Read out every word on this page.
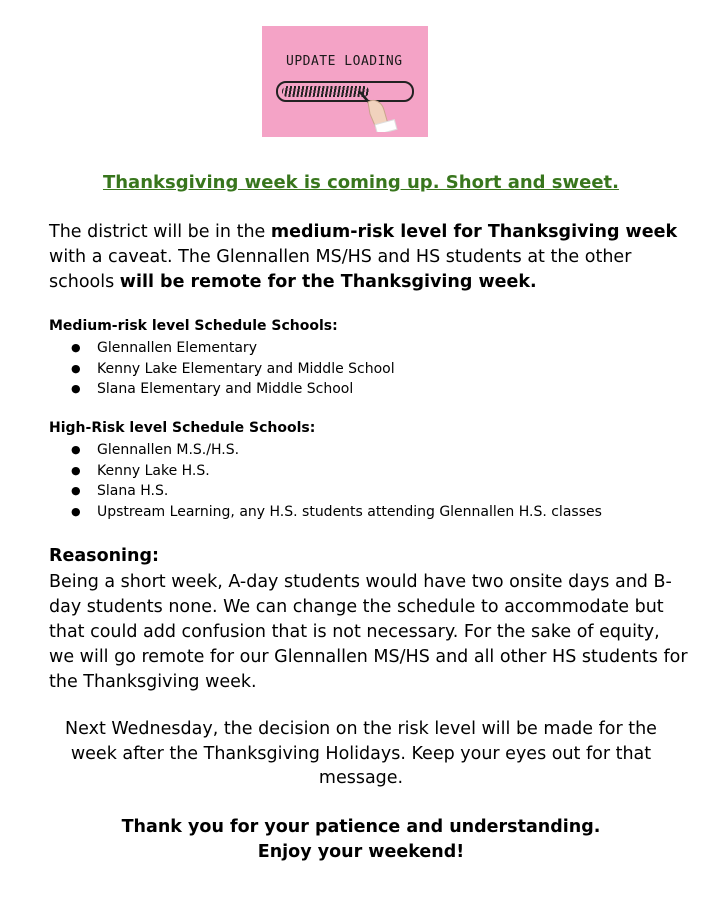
UPDATE LOADING
Thanksgiving week is coming up. Short and sweet.
The district will be in the medium-risk level for Thanksgiving week with a caveat. The Glennallen MS/HS and HS students at the other schools will be remote for the Thanksgiving week.
Medium-risk level Schedule Schools:
● Glennallen Elementary
● Kenny Lake Elementary and Middle School
● Slana Elementary and Middle School
High-Risk level Schedule Schools:
● Glennallen M.S./H.S.
● Kenny Lake H.S.
● Slana H.S.
● Upstream Learning, any H.S. students attending Glennallen H.S. classes
Reasoning:
Being a short week, A-day students would have two onsite days and B-day students none. We can change the schedule to accommodate but that could add confusion that is not necessary. For the sake of equity, we will go remote for our Glennallen MS/HS and all other HS students for the Thanksgiving week.
Next Wednesday, the decision on the risk level will be made for the week after the Thanksgiving Holidays. Keep your eyes out for that message.
Thank you for your patience and understanding.
Enjoy your weekend!
